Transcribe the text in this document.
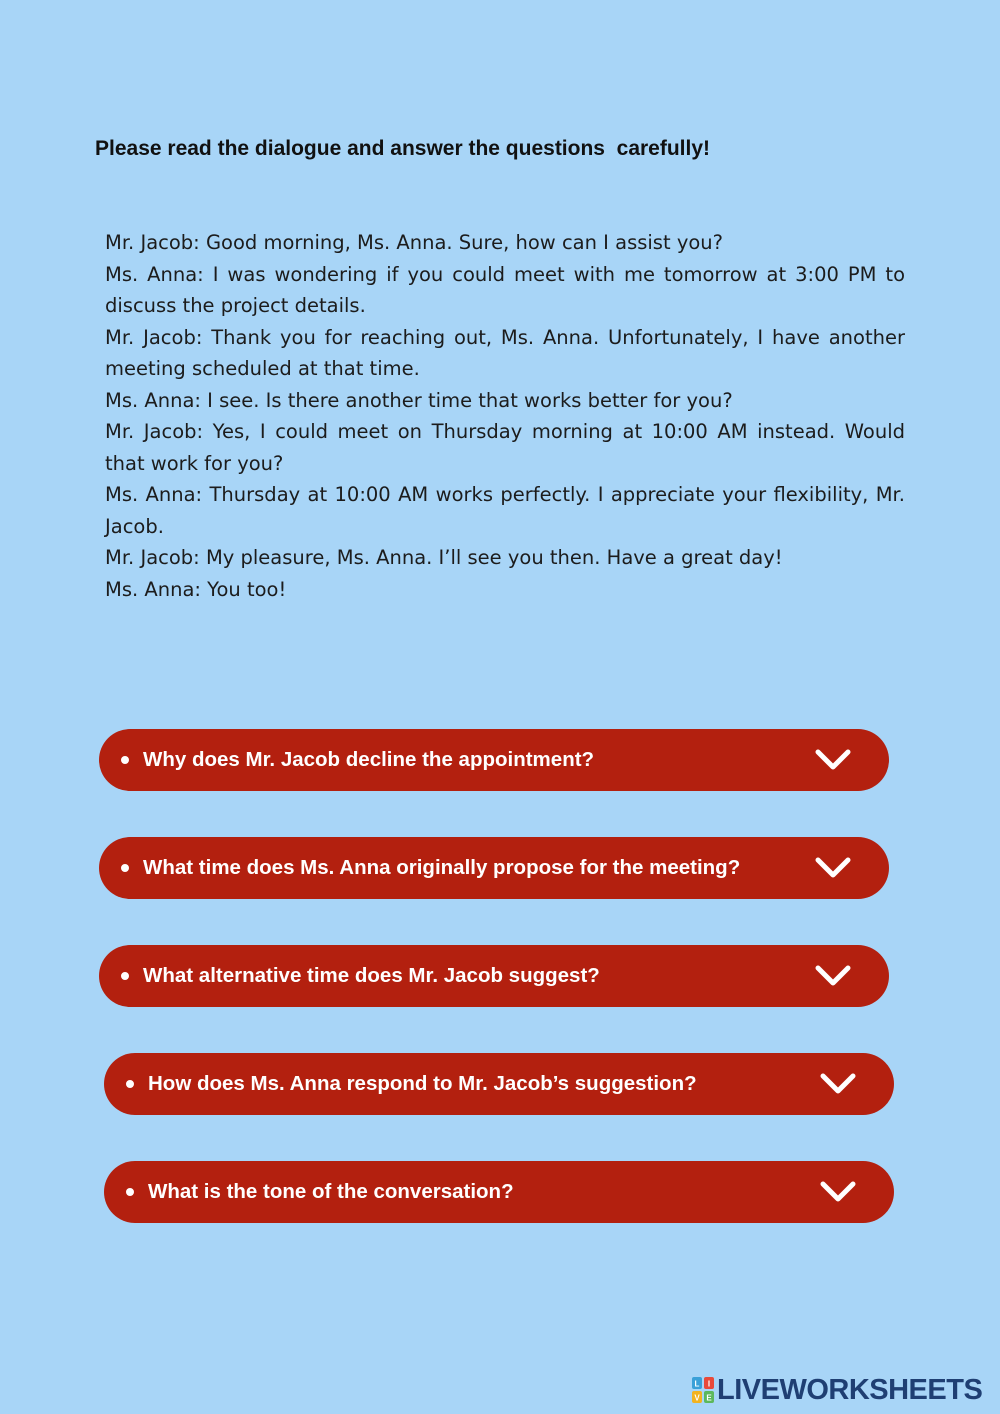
Please read the dialogue and answer the questions  carefully!

Mr. Jacob: Good morning, Ms. Anna. Sure, how can I assist you?

Ms. Anna: I was wondering if you could meet with me tomorrow at 3:00 PM to discuss the project details.

Mr. Jacob: Thank you for reaching out, Ms. Anna. Unfortunately, I have another meeting scheduled at that time.

Ms. Anna: I see. Is there another time that works better for you?

Mr. Jacob: Yes, I could meet on Thursday morning at 10:00 AM instead. Would that work for you?

Ms. Anna: Thursday at 10:00 AM works perfectly. I appreciate your flexibility, Mr. Jacob.

Mr. Jacob: My pleasure, Ms. Anna. I’ll see you then. Have a great day!

Ms. Anna: You too!

Why does Mr. Jacob decline the appointment?
What time does Ms. Anna originally propose for the meeting?
What alternative time does Mr. Jacob suggest?
How does Ms. Anna respond to Mr. Jacob’s suggestion?
What is the tone of the conversation?
L I
V E LIVEWORKSHEETS
